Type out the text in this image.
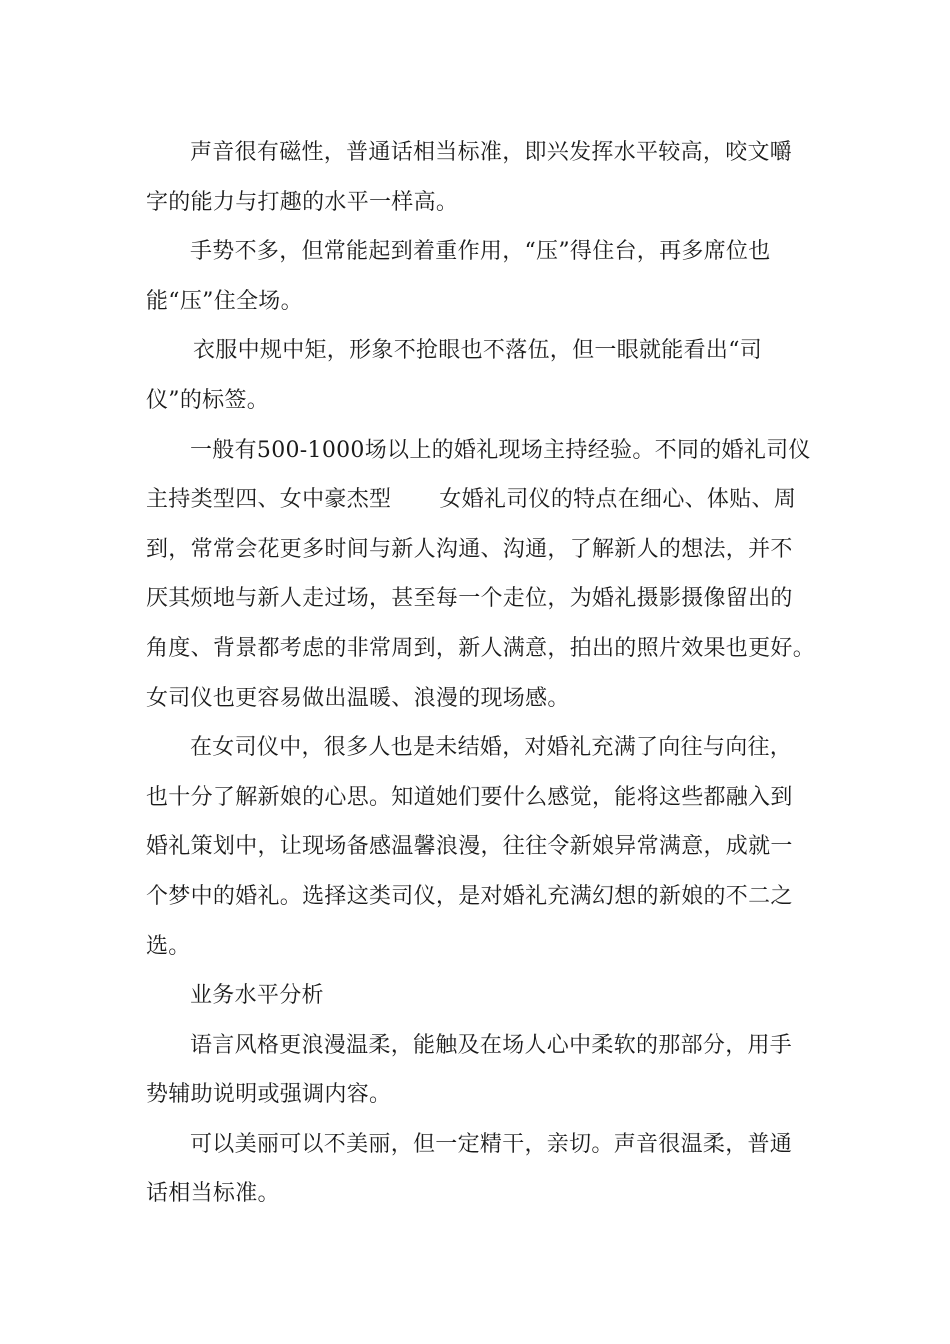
声音很有磁性，普通话相当标准，即兴发挥水平较高，咬文嚼
字的能力与打趣的水平一样高。

手势不多，但常能起到着重作用，“压”得住台，再多席位也
能“压”住全场。

衣服中规中矩，形象不抢眼也不落伍，但一眼就能看出“司
仪”的标签。

一般有500-1000场以上的婚礼现场主持经验。不同的婚礼司仪
主持类型四、女中豪杰型 女婚礼司仪的特点在细心、体贴、周
到，常常会花更多时间与新人沟通、沟通，了解新人的想法，并不
厌其烦地与新人走过场，甚至每一个走位，为婚礼摄影摄像留出的
角度、背景都考虑的非常周到，新人满意，拍出的照片效果也更好。
女司仪也更容易做出温暖、浪漫的现场感。

在女司仪中，很多人也是未结婚，对婚礼充满了向往与向往，
也十分了解新娘的心思。知道她们要什么感觉，能将这些都融入到
婚礼策划中，让现场备感温馨浪漫，往往令新娘异常满意，成就一
个梦中的婚礼。选择这类司仪，是对婚礼充满幻想的新娘的不二之
选。

业务水平分析

语言风格更浪漫温柔，能触及在场人心中柔软的那部分，用手
势辅助说明或强调内容。

可以美丽可以不美丽，但一定精干，亲切。声音很温柔，普通
话相当标准。
